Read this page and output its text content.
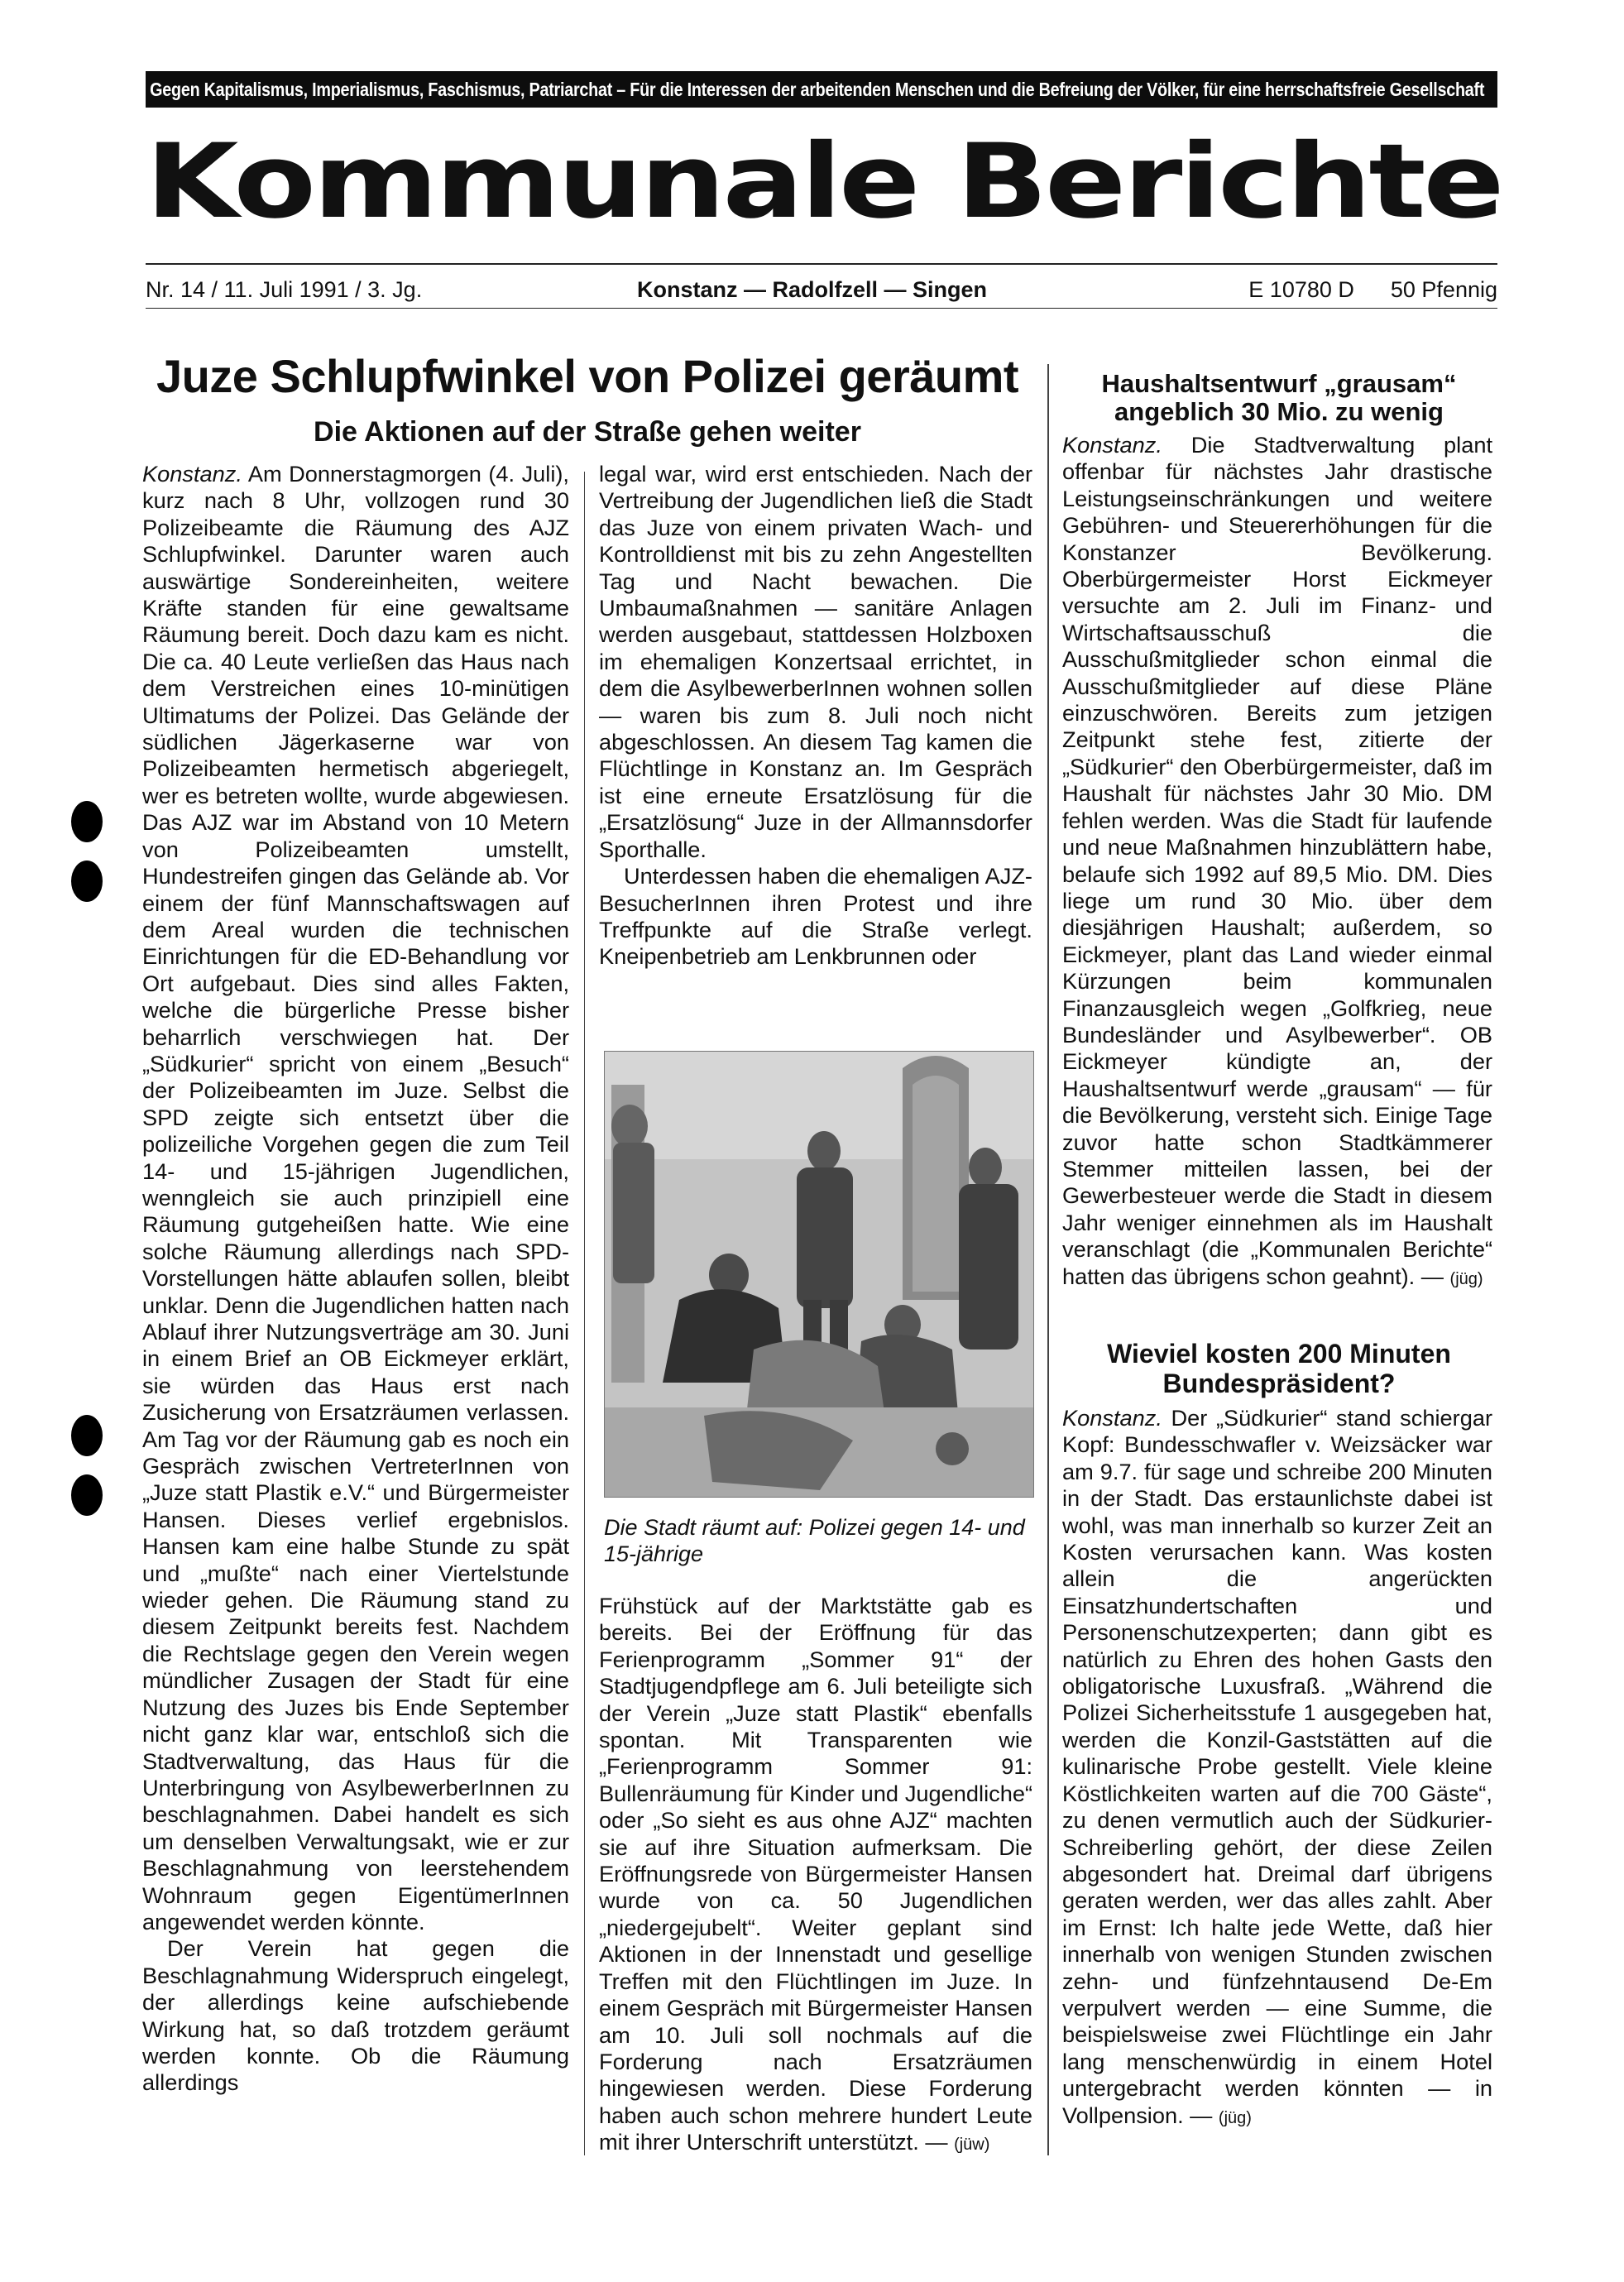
Gegen Kapitalismus, Imperialismus, Faschismus, Patriarchat – Für die Interessen der arbeitenden Menschen und die Befreiung der Völker, für eine herrschaftsfreie Gesellschaft
Kommunale Berichte
Nr. 14 / 11. Juli 1991 / 3. Jg.	Konstanz — Radolfzell — Singen	E 10780 D 50 Pfennig
Juze Schlupfwinkel von Polizei geräumt
Die Aktionen auf der Straße gehen weiter

Konstanz. Am Donnerstagmorgen (4. Juli), kurz nach 8 Uhr, vollzogen rund 30 Polizeibeamte die Räumung des AJZ Schlupfwinkel. Darunter waren auch auswärtige Sondereinheiten, weitere Kräfte standen für eine gewaltsame Räumung bereit. Doch dazu kam es nicht. Die ca. 40 Leute verließen das Haus nach dem Verstreichen eines 10-minütigen Ultimatums der Polizei. Das Gelände der südlichen Jägerkaserne war von Polizeibeamten hermetisch abgeriegelt, wer es betreten wollte, wurde abgewiesen. Das AJZ war im Abstand von 10 Metern von Polizeibeamten umstellt, Hundestreifen gingen das Gelände ab. Vor einem der fünf Mannschaftswagen auf dem Areal wurden die technischen Einrichtungen für die ED-Behandlung vor Ort aufgebaut. Dies sind alles Fakten, welche die bürgerliche Presse bisher beharrlich verschwiegen hat. Der „Südkurier“ spricht von einem „Besuch“ der Polizeibeamten im Juze. Selbst die SPD zeigte sich entsetzt über die polizeiliche Vorgehen gegen die zum Teil 14- und 15-jährigen Jugendlichen, wenngleich sie auch prinzipiell eine Räumung gutgeheißen hatte. Wie eine solche Räumung allerdings nach SPD-Vorstellungen hätte ablaufen sollen, bleibt unklar. Denn die Jugendlichen hatten nach Ablauf ihrer Nutzungsverträge am 30. Juni in einem Brief an OB Eickmeyer erklärt, sie würden das Haus erst nach Zusicherung von Ersatzräumen verlassen. Am Tag vor der Räumung gab es noch ein Gespräch zwischen VertreterInnen von „Juze statt Plastik e.V.“ und Bürgermeister Hansen. Dieses verlief ergebnislos. Hansen kam eine halbe Stunde zu spät und „mußte“ nach einer Viertelstunde wieder gehen. Die Räumung stand zu diesem Zeitpunkt bereits fest. Nachdem die Rechtslage gegen den Verein wegen mündlicher Zusagen der Stadt für eine Nutzung des Juzes bis Ende September nicht ganz klar war, entschloß sich die Stadtverwaltung, das Haus für die Unterbringung von AsylbewerberInnen zu beschlagnahmen. Dabei handelt es sich um denselben Verwaltungsakt, wie er zur Beschlagnahmung von leerstehendem Wohnraum gegen EigentümerInnen angewendet werden könnte.

Der Verein hat gegen die Beschlagnahmung Widerspruch eingelegt, der allerdings keine aufschiebende Wirkung hat, so daß trotzdem geräumt werden konnte. Ob die Räumung allerdings

legal war, wird erst entschieden. Nach der Vertreibung der Jugendlichen ließ die Stadt das Juze von einem privaten Wach- und Kontrolldienst mit bis zu zehn Angestellten Tag und Nacht bewachen. Die Umbaumaßnahmen — sanitäre Anlagen werden ausgebaut, stattdessen Holzboxen im ehemaligen Konzertsaal errichtet, in dem die AsylbewerberInnen wohnen sollen — waren bis zum 8. Juli noch nicht abgeschlossen. An diesem Tag kamen die Flüchtlinge in Konstanz an. Im Gespräch ist eine erneute Ersatzlösung für die „Ersatzlösung“ Juze in der Allmannsdorfer Sporthalle.

Unterdessen haben die ehemaligen AJZ-BesucherInnen ihren Protest und ihre Treffpunkte auf die Straße verlegt. Kneipenbetrieb am Lenkbrunnen oder

Die Stadt räumt auf: Polizei gegen 14- und 15-jährige

Frühstück auf der Marktstätte gab es bereits. Bei der Eröffnung für das Ferienprogramm „Sommer 91“ der Stadtjugendpflege am 6. Juli beteiligte sich der Verein „Juze statt Plastik“ ebenfalls spontan. Mit Transparenten wie „Ferienprogramm Sommer 91: Bullenräumung für Kinder und Jugendliche“ oder „So sieht es aus ohne AJZ“ machten sie auf ihre Situation aufmerksam. Die Eröffnungsrede von Bürgermeister Hansen wurde von ca. 50 Jugendlichen „niedergejubelt“. Weiter geplant sind Aktionen in der Innenstadt und gesellige Treffen mit den Flüchtlingen im Juze. In einem Gespräch mit Bürgermeister Hansen am 10. Juli soll nochmals auf die Forderung nach Ersatzräumen hingewiesen werden. Diese Forderung haben auch schon mehrere hundert Leute mit ihrer Unterschrift unterstützt. — (jüw)

Haushaltsentwurf „grausam“ angeblich 30 Mio. zu wenig

Konstanz. Die Stadtverwaltung plant offenbar für nächstes Jahr drastische Leistungseinschränkungen und weitere Gebühren- und Steuererhöhungen für die Konstanzer Bevölkerung. Oberbürgermeister Horst Eickmeyer versuchte am 2. Juli im Finanz- und Wirtschaftsausschuß die Ausschußmitglieder schon einmal die Ausschußmitglieder auf diese Pläne einzuschwören. Bereits zum jetzigen Zeitpunkt stehe fest, zitierte der „Südkurier“ den Oberbürgermeister, daß im Haushalt für nächstes Jahr 30 Mio. DM fehlen werden. Was die Stadt für laufende und neue Maßnahmen hinzublättern habe, belaufe sich 1992 auf 89,5 Mio. DM. Dies liege um rund 30 Mio. über dem diesjährigen Haushalt; außerdem, so Eickmeyer, plant das Land wieder einmal Kürzungen beim kommunalen Finanzausgleich wegen „Golfkrieg, neue Bundesländer und Asylbewerber“. OB Eickmeyer kündigte an, der Haushaltsentwurf werde „grausam“ — für die Bevölkerung, versteht sich. Einige Tage zuvor hatte schon Stadtkämmerer Stemmer mitteilen lassen, bei der Gewerbesteuer werde die Stadt in diesem Jahr weniger einnehmen als im Haushalt veranschlagt (die „Kommunalen Berichte“ hatten das übrigens schon geahnt). — (jüg)

Wieviel kosten 200 Minuten Bundespräsident?

Konstanz. Der „Südkurier“ stand schiergar Kopf: Bundesschwafler v. Weizsäcker war am 9.7. für sage und schreibe 200 Minuten in der Stadt. Das erstaunlichste dabei ist wohl, was man innerhalb so kurzer Zeit an Kosten verursachen kann. Was kosten allein die angerückten Einsatzhundertschaften und Personenschutzexperten; dann gibt es natürlich zu Ehren des hohen Gasts den obligatorische Luxusfraß. „Während die Polizei Sicherheitsstufe 1 ausgegeben hat, werden die Konzil-Gaststätten auf die kulinarische Probe gestellt. Viele kleine Köstlichkeiten warten auf die 700 Gäste“, zu denen vermutlich auch der Südkurier-Schreiberling gehört, der diese Zeilen abgesondert hat. Dreimal darf übrigens geraten werden, wer das alles zahlt. Aber im Ernst: Ich halte jede Wette, daß hier innerhalb von wenigen Stunden zwischen zehn- und fünfzehntausend De-Em verpulvert werden — eine Summe, die beispielsweise zwei Flüchtlinge ein Jahr lang menschenwürdig in einem Hotel untergebracht werden könnten — in Vollpension. — (jüg)
